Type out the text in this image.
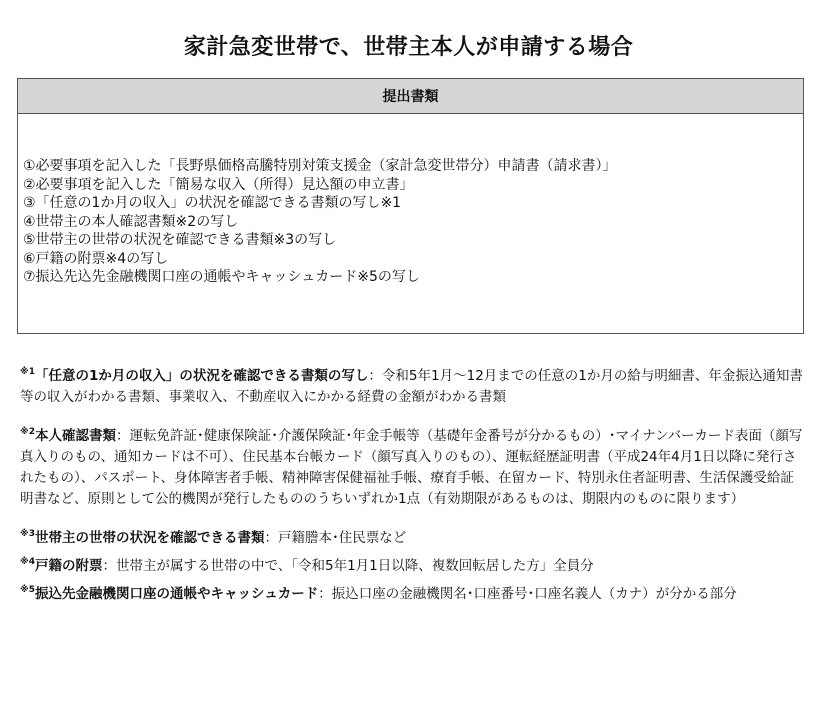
家計急変世帯で、世帯主本人が申請する場合
提出書類
①必要事項を記入した「長野県価格高騰特別対策支援金（家計急変世帯分）申請書（請求書）」
②必要事項を記入した「簡易な収入（所得）見込額の申立書」
③「任意の1か月の収入」の状況を確認できる書類の写し※1
④世帯主の本人確認書類※2の写し
⑤世帯主の世帯の状況を確認できる書類※3の写し
⑥戸籍の附票※4の写し
⑦振込先込先金融機関口座の通帳やキャッシュカード※5の写し

$^{※1}$「任意の1か月の収入」の状況を確認できる書類の写し：令和5年1月～12月までの任意の1か月の給与明細書、年金振込通知書等の収入がわかる書類、事業収入、不動産収入にかかる経費の金額がわかる書類

$^{※2}$本人確認書類：運転免許証･健康保険証･介護保険証･年金手帳等（基礎年金番号が分かるもの）･マイナンバーカード表面（顔写真入りのもの、通知カードは不可）、住民基本台帳カード（顔写真入りのもの）、運転経歴証明書（平成24年4月1日以降に発行されたもの）、パスポート、身体障害者手帳、精神障害保健福祉手帳、療育手帳、在留カード、特別永住者証明書、生活保護受給証明書など、原則として公的機関が発行したもののうちいずれか1点（有効期限があるものは、期限内のものに限ります）

$^{※3}$世帯主の世帯の状況を確認できる書類：戸籍謄本･住民票など

$^{※4}$戸籍の附票：世帯主が属する世帯の中で、「令和5年1月1日以降、複数回転居した方」全員分

$^{※5}$振込先金融機関口座の通帳やキャッシュカード：振込口座の金融機関名･口座番号･口座名義人（カナ）が分かる部分
